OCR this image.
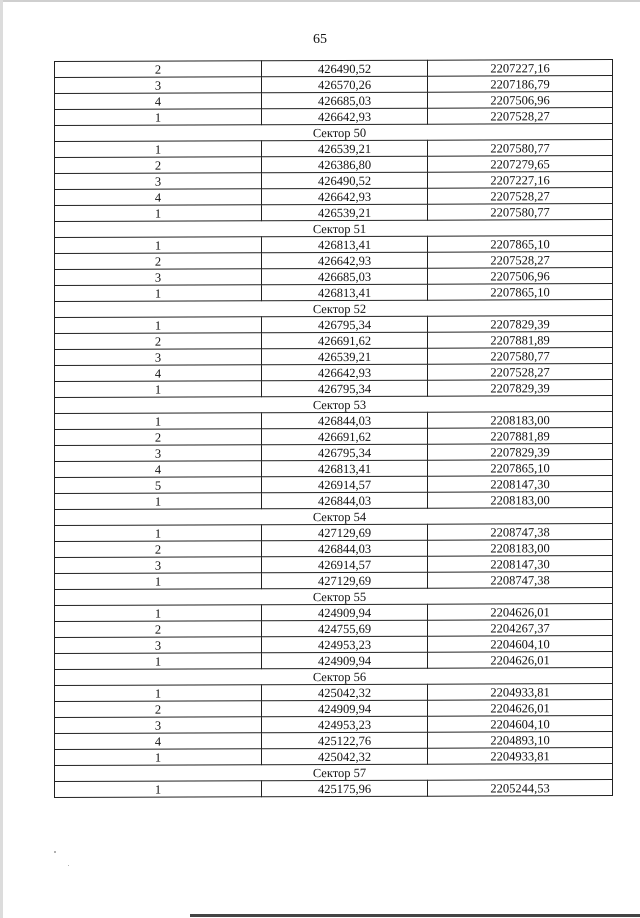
65
2	426490,52	2207227,16
3	426570,26	2207186,79
4	426685,03	2207506,96
1	426642,93	2207528,27
Сектор 50		
1	426539,21	2207580,77
2	426386,80	2207279,65
3	426490,52	2207227,16
4	426642,93	2207528,27
1	426539,21	2207580,77
Сектор 51		
1	426813,41	2207865,10
2	426642,93	2207528,27
3	426685,03	2207506,96
1	426813,41	2207865,10
Сектор 52		
1	426795,34	2207829,39
2	426691,62	2207881,89
3	426539,21	2207580,77
4	426642,93	2207528,27
1	426795,34	2207829,39
Сектор 53		
1	426844,03	2208183,00
2	426691,62	2207881,89
3	426795,34	2207829,39
4	426813,41	2207865,10
5	426914,57	2208147,30
1	426844,03	2208183,00
Сектор 54		
1	427129,69	2208747,38
2	426844,03	2208183,00
3	426914,57	2208147,30
1	427129,69	2208747,38
Сектор 55		
1	424909,94	2204626,01
2	424755,69	2204267,37
3	424953,23	2204604,10
1	424909,94	2204626,01
Сектор 56		
1	425042,32	2204933,81
2	424909,94	2204626,01
3	424953,23	2204604,10
4	425122,76	2204893,10
1	425042,32	2204933,81
Сектор 57		
1	425175,96	2205244,53
